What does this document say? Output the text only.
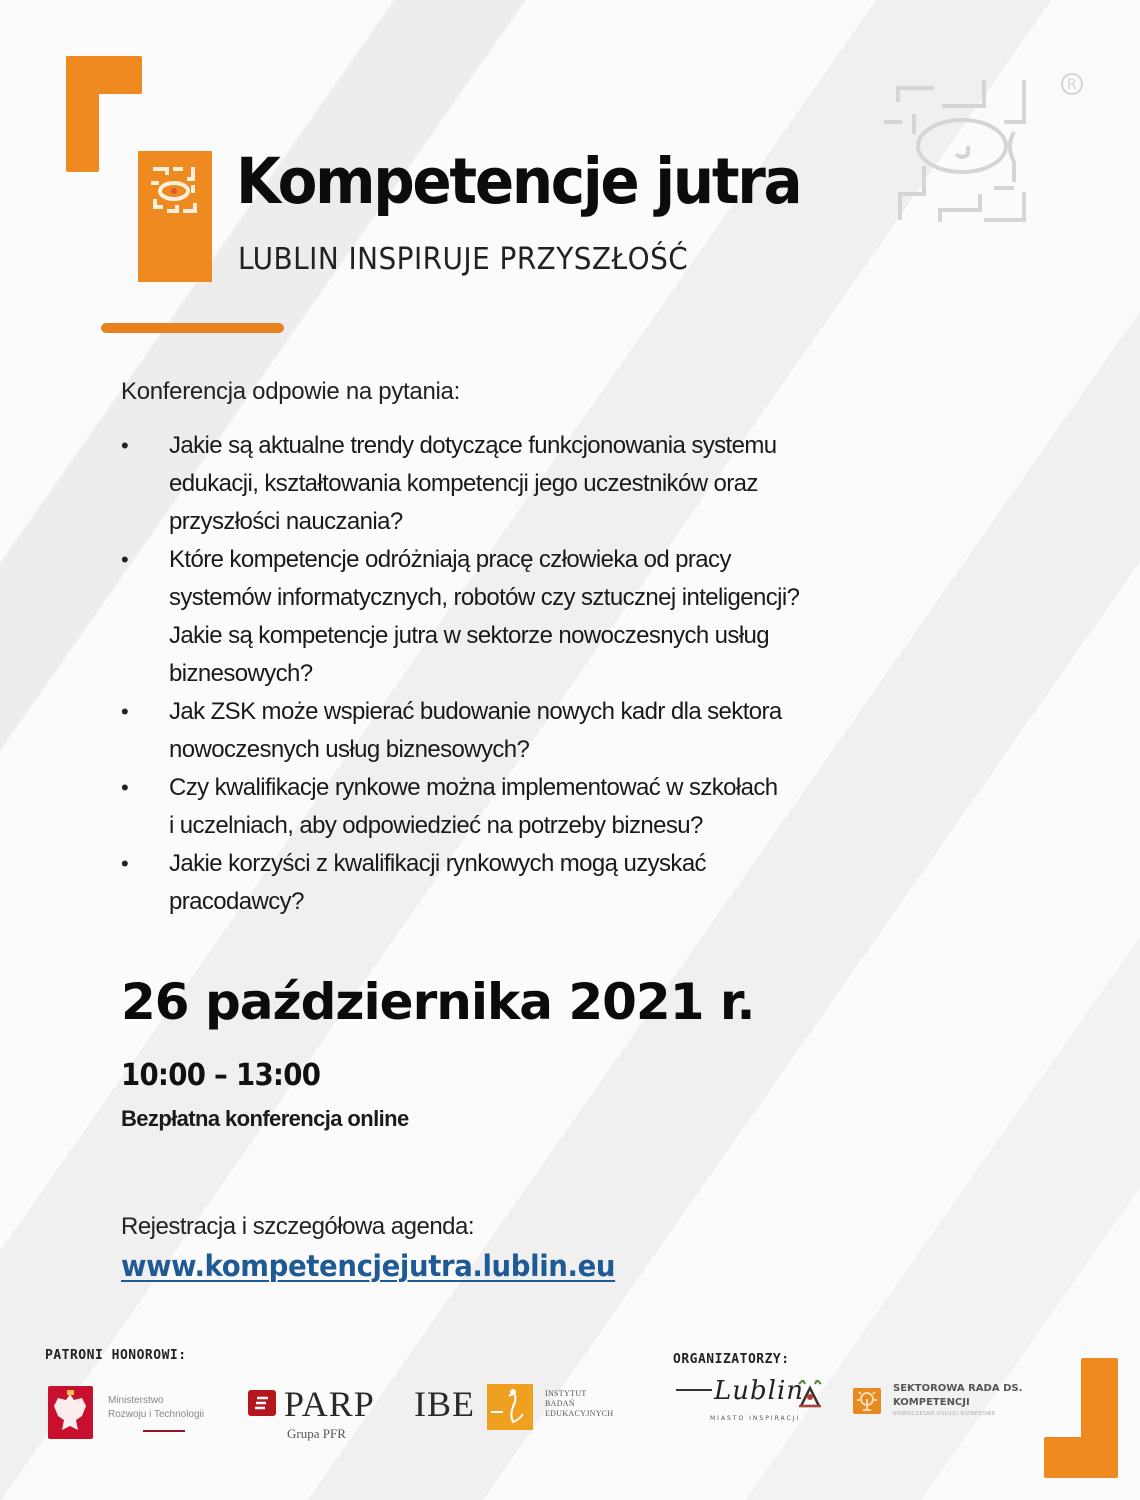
Kompetencje jutra
LUBLIN INSPIRUJE PRZYSZŁOŚĆ
R
Konferencja odpowie na pytania:
• Jakie są aktualne trendy dotyczące funkcjonowania systemu
edukacji, kształtowania kompetencji jego uczestników oraz
przyszłości nauczania?
• Które kompetencje odróżniają pracę człowieka od pracy
systemów informatycznych, robotów czy sztucznej inteligencji?
Jakie są kompetencje jutra w sektorze nowoczesnych usług
biznesowych?
• Jak ZSK może wspierać budowanie nowych kadr dla sektora
nowoczesnych usług biznesowych?
• Czy kwalifikacje rynkowe można implementować w szkołach
i uczelniach, aby odpowiedzieć na potrzeby biznesu?
• Jakie korzyści z kwalifikacji rynkowych mogą uzyskać
pracodawcy?
26 października 2021 r.
10:00 – 13:00
Bezpłatna konferencja online
Rejestracja i szczegółowa agenda:
www.kompetencjejutra.lublin.eu
PATRONI HONOROWI:
Ministerstwo
Rozwoju i Technologii PARP
Grupa PFR
IBE	INSTYTUT
BADAŃ
EDUKACYJNYCH
ORGANIZATORZY:
Lublin
MIASTO INSPIRACJI
SEKTOROWA RADA DS.
KOMPETENCJI
NOWOCZESNE USŁUGI BIZNESOWE
